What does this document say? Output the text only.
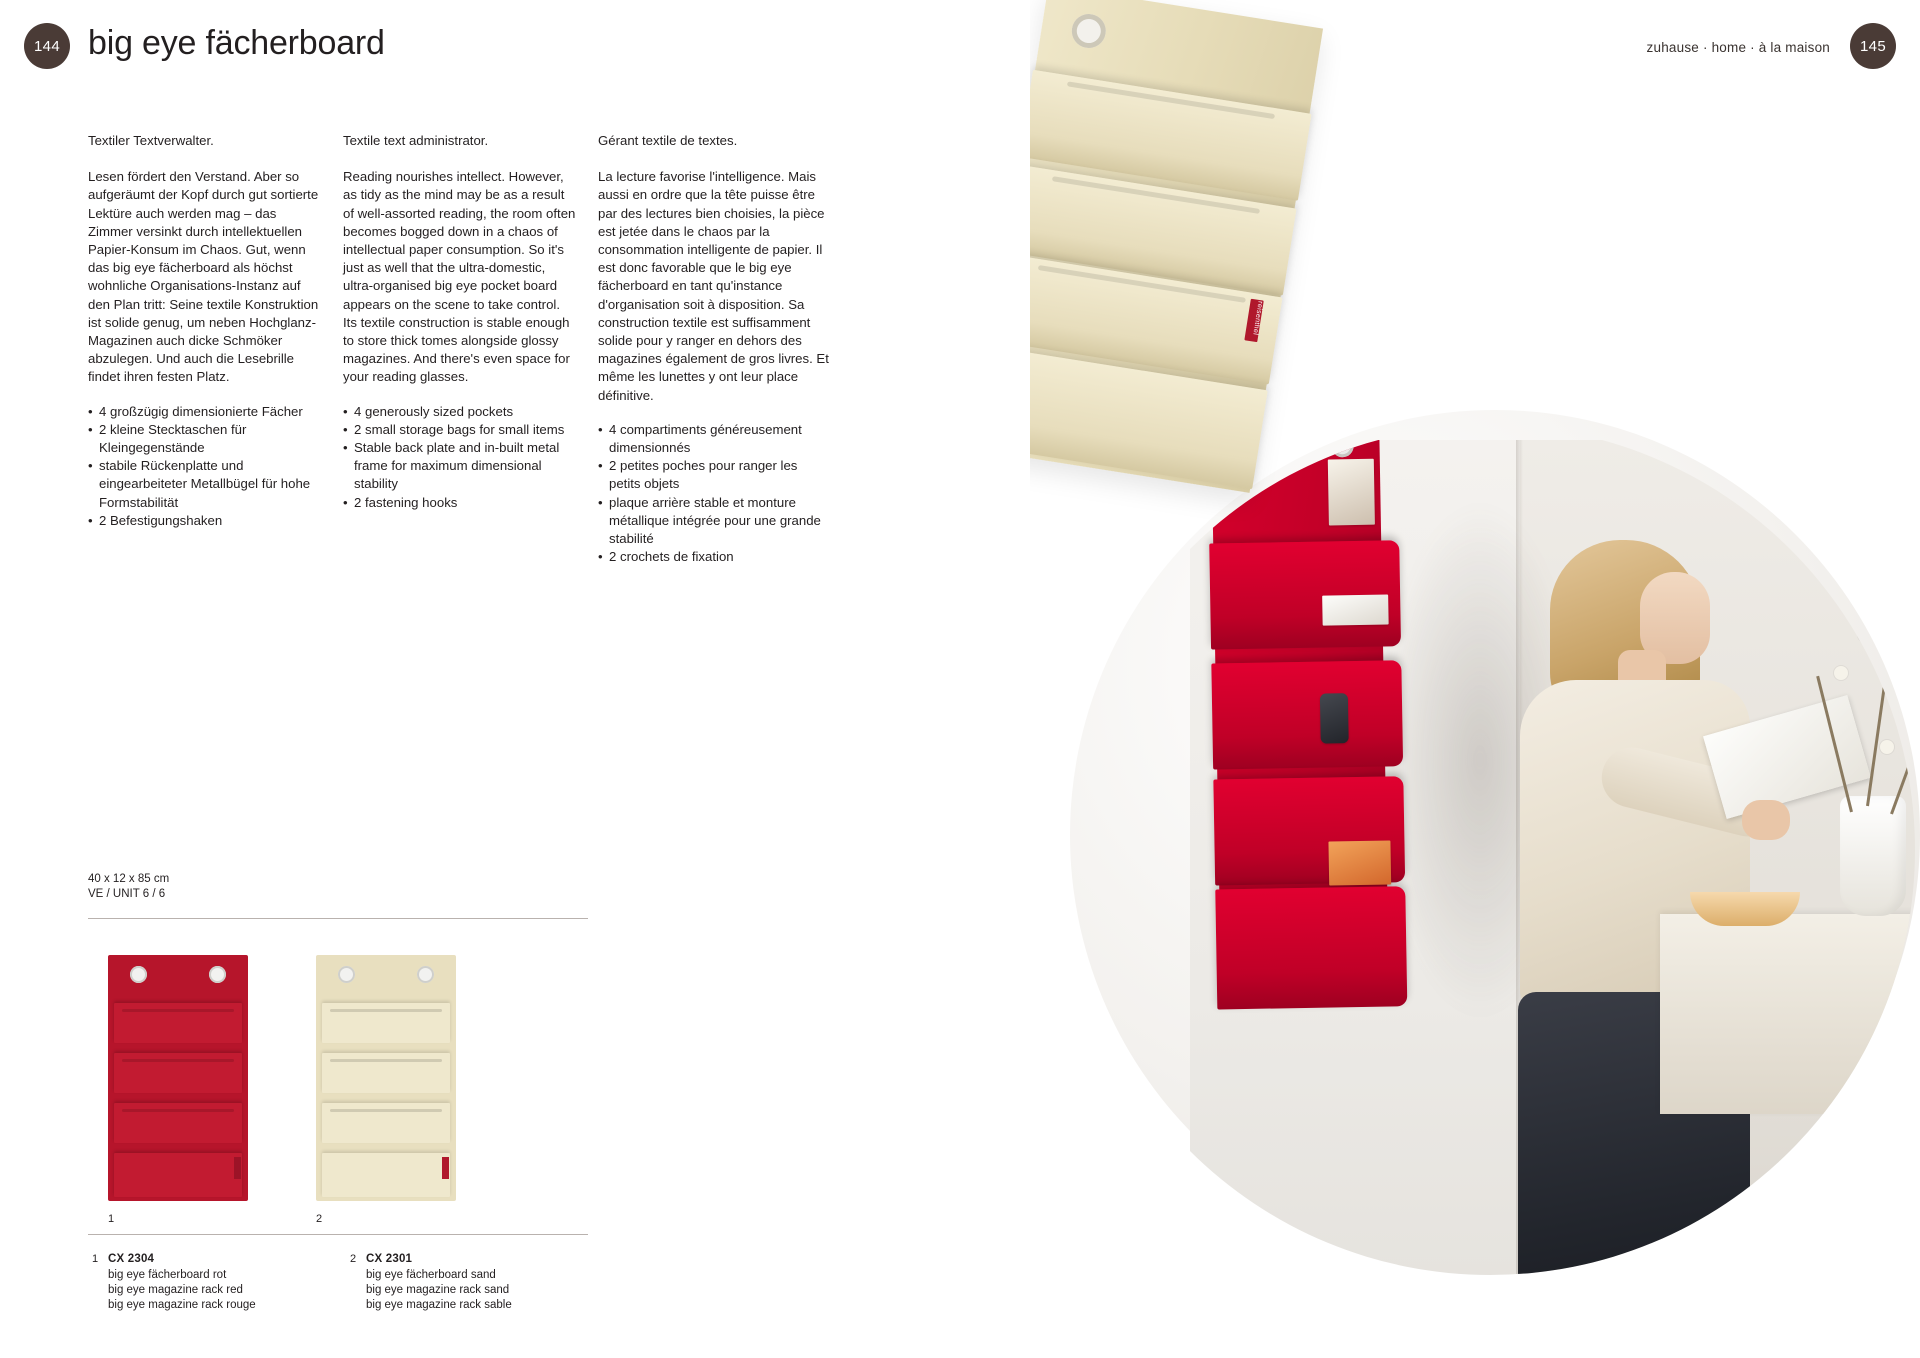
144 big eye fächerboard	zuhause · home · à la maison	145

Textiler Textverwalter.

Lesen fördert den Verstand. Aber so aufgeräumt der Kopf durch gut sortierte Lektüre auch werden mag – das Zimmer versinkt durch intellektuellen Papier-Konsum im Chaos. Gut, wenn das big eye fächerboard als höchst wohnliche Organisations-Instanz auf den Plan tritt: Seine textile Konstruktion ist solide genug, um neben Hochglanz-Magazinen auch dicke Schmöker abzulegen. Und auch die Lesebrille findet ihren festen Platz.

• 4 großzügig dimensionierte Fächer
• 2 kleine Stecktaschen für Kleingegenstände
• stabile Rückenplatte und eingearbeiteter Metallbügel für hohe Formstabilität
• 2 Befestigungshaken

Textile text administrator.

Reading nourishes intellect. However, as tidy as the mind may be as a result of well-assorted reading, the room often becomes bogged down in a chaos of intellectual paper consumption. So it's just as well that the ultra-domestic, ultra-organised big eye pocket board appears on the scene to take control. Its textile construction is stable enough to store thick tomes alongside glossy magazines. And there's even space for your reading glasses.

• 4 generously sized pockets
• 2 small storage bags for small items
• Stable back plate and in-built metal frame for maximum dimensional stability
• 2 fastening hooks

Gérant textile de textes.

La lecture favorise l'intelligence. Mais aussi en ordre que la tête puisse être par des lectures bien choisies, la pièce est jetée dans le chaos par la consommation intelligente de papier. Il est donc favorable que le big eye fächerboard en tant qu'instance d'organisation soit à disposition. Sa construction textile est suffisamment solide pour y ranger en dehors des magazines également de gros livres. Et même les lunettes y ont leur place définitive.

• 4 compartiments généreusement dimensionnés
• 2 petites poches pour ranger les petits objets
• plaque arrière stable et monture métallique intégrée pour une grande stabilité
• 2 crochets de fixation
40 x 12 x 85 cm
VE / UNIT 6 / 6
1	2
1 CX 2304
big eye fächerboard rot
big eye magazine rack red
big eye magazine rack rouge
2 CX 2301
big eye fächerboard sand
big eye magazine rack sand
big eye magazine rack sable
reisenthel
